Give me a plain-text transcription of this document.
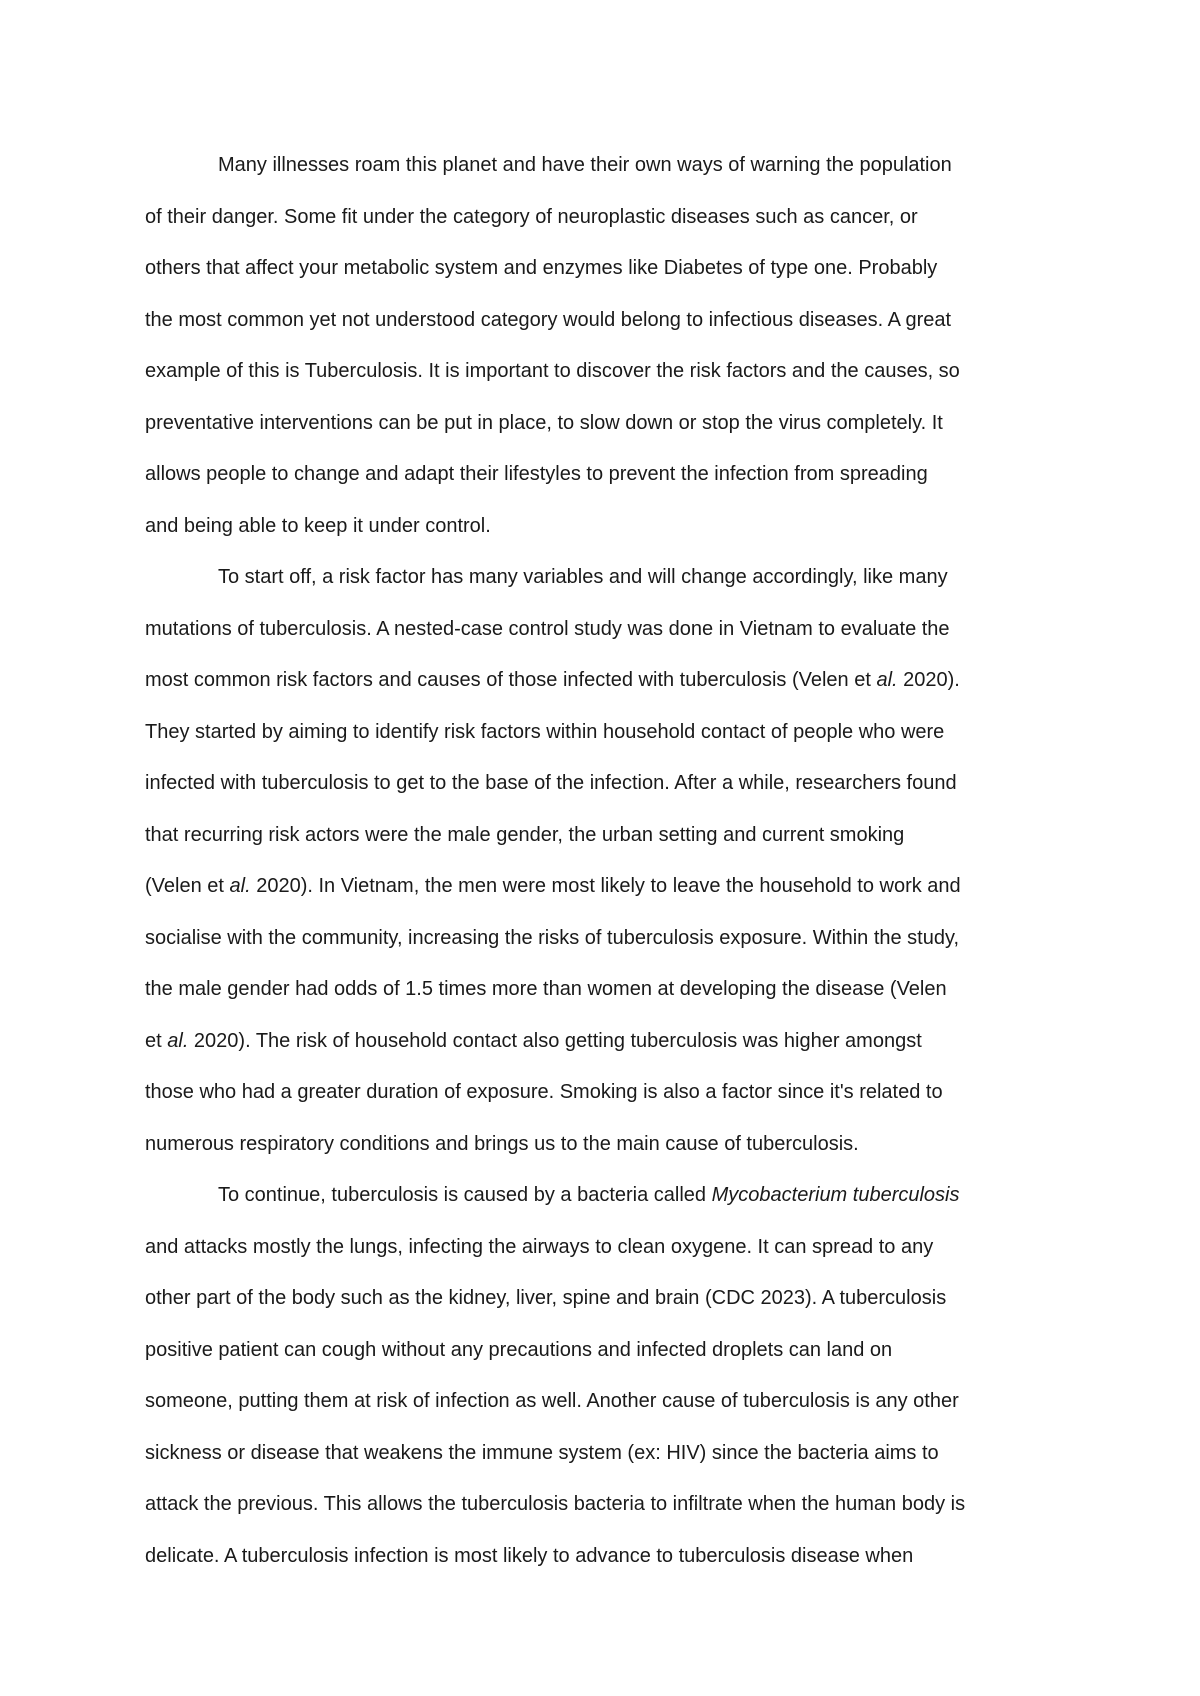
Many illnesses roam this planet and have their own ways of warning the population
of their danger. Some fit under the category of neuroplastic diseases such as cancer, or
others that affect your metabolic system and enzymes like Diabetes of type one. Probably
the most common yet not understood category would belong to infectious diseases. A great
example of this is Tuberculosis. It is important to discover the risk factors and the causes, so
preventative interventions can be put in place, to slow down or stop the virus completely. It
allows people to change and adapt their lifestyles to prevent the infection from spreading
and being able to keep it under control.
To start off, a risk factor has many variables and will change accordingly, like many
mutations of tuberculosis. A nested-case control study was done in Vietnam to evaluate the
most common risk factors and causes of those infected with tuberculosis (Velen et al. 2020).
They started by aiming to identify risk factors within household contact of people who were
infected with tuberculosis to get to the base of the infection. After a while, researchers found
that recurring risk actors were the male gender, the urban setting and current smoking
(Velen et al. 2020). In Vietnam, the men were most likely to leave the household to work and
socialise with the community, increasing the risks of tuberculosis exposure. Within the study,
the male gender had odds of 1.5 times more than women at developing the disease (Velen
et al. 2020). The risk of household contact also getting tuberculosis was higher amongst
those who had a greater duration of exposure. Smoking is also a factor since it's related to
numerous respiratory conditions and brings us to the main cause of tuberculosis.
To continue, tuberculosis is caused by a bacteria called Mycobacterium tuberculosis
and attacks mostly the lungs, infecting the airways to clean oxygene. It can spread to any
other part of the body such as the kidney, liver, spine and brain (CDC 2023). A tuberculosis
positive patient can cough without any precautions and infected droplets can land on
someone, putting them at risk of infection as well. Another cause of tuberculosis is any other
sickness or disease that weakens the immune system (ex: HIV) since the bacteria aims to
attack the previous. This allows the tuberculosis bacteria to infiltrate when the human body is
delicate. A tuberculosis infection is most likely to advance to tuberculosis disease when
